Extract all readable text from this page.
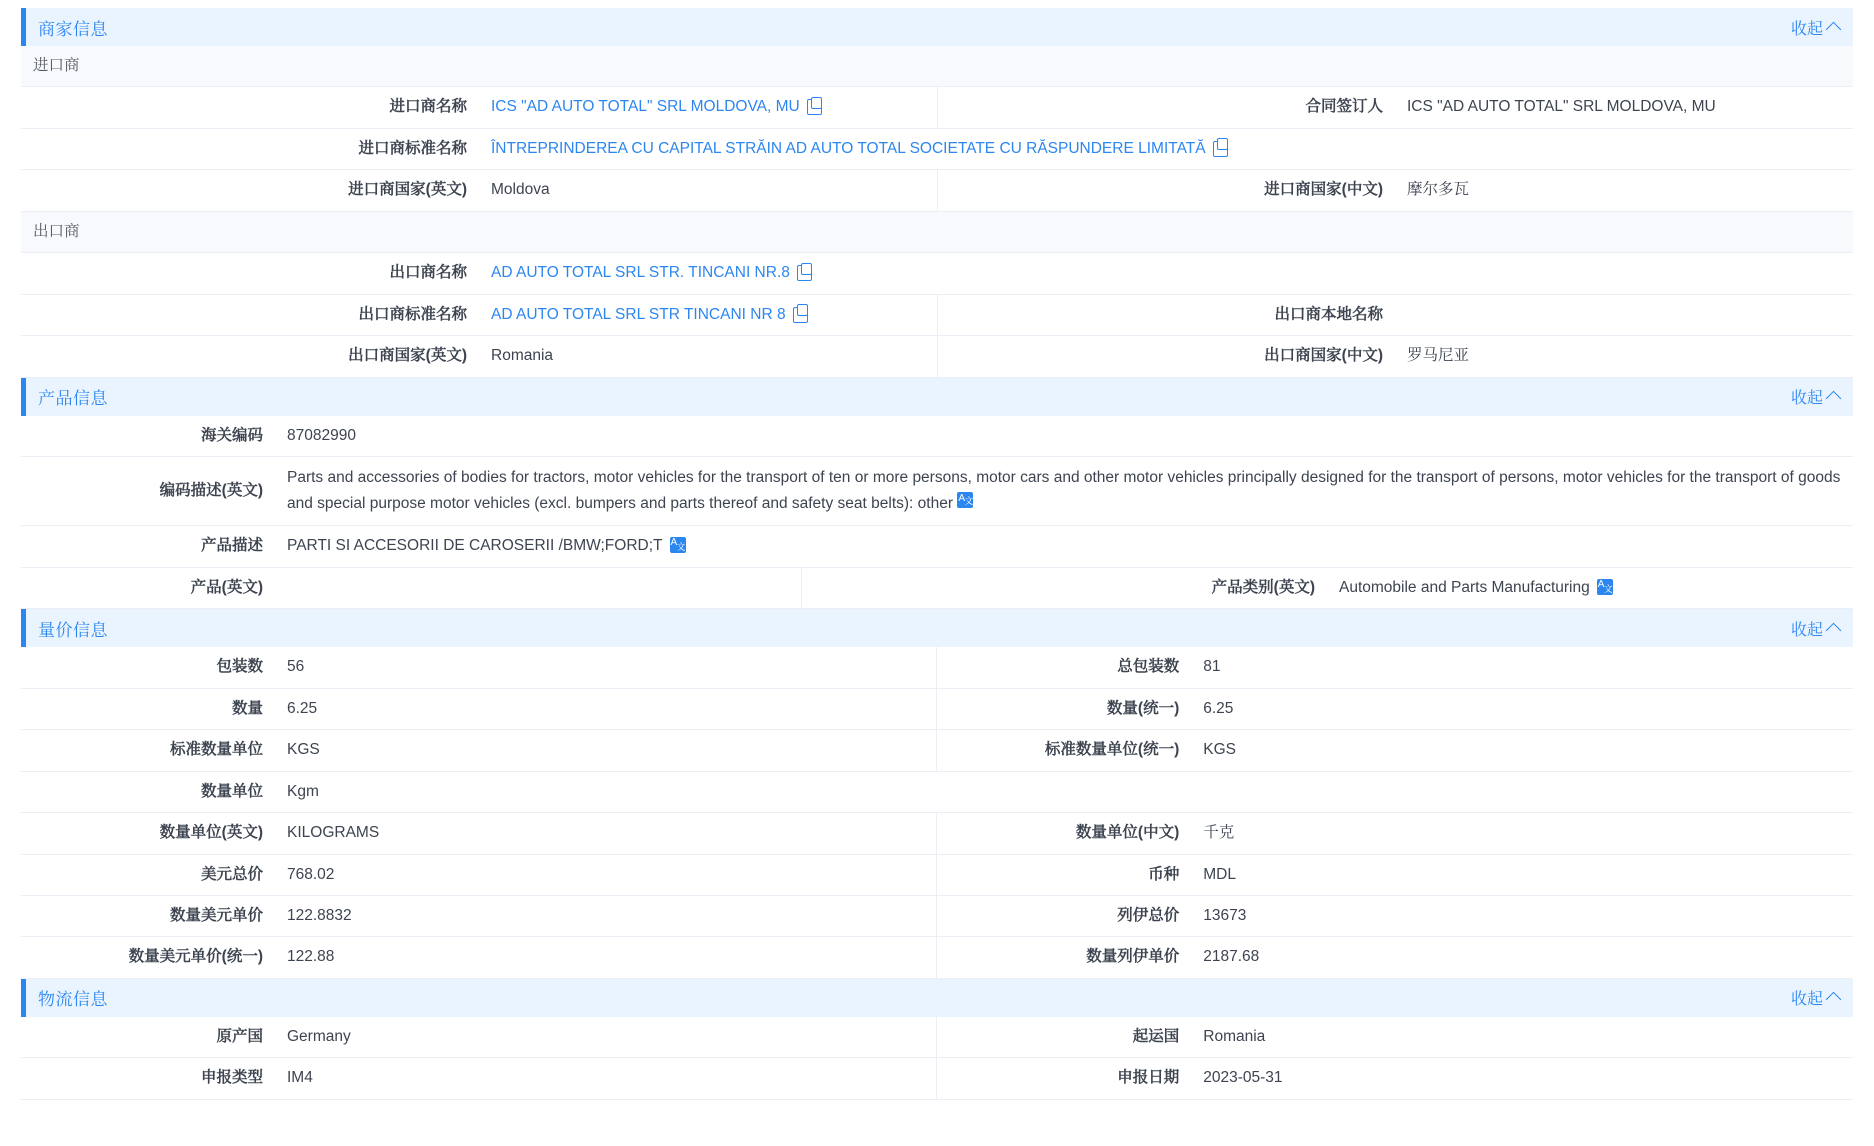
商家信息	收起
进口商			
进口商名称	ICS "AD AUTO TOTAL" SRL MOLDOVA, MU	合同签订人	ICS "AD AUTO TOTAL" SRL MOLDOVA, MU
进口商标准名称	ÎNTREPRINDEREA CU CAPITAL STRĂIN AD AUTO TOTAL SOCIETATE CU RĂSPUNDERE LIMITATĂ		

进口商国家(英文)	Moldova	进口商国家(中文)	摩尔多瓦
出口商			
出口商名称	AD AUTO TOTAL SRL STR. TINCANI NR.8		

出口商标准名称	AD AUTO TOTAL SRL STR TINCANI NR 8	出口商本地名称	
出口商国家(英文)	Romania	出口商国家(中文)	罗马尼亚
产品信息	收起
海关编码	87082990		
编码描述(英文)	Parts and accessories of bodies for tractors, motor vehicles for the transport of ten or more persons, motor cars and other motor vehicles principally designed for the transport of persons, motor vehicles for the transport of goods and special purpose motor vehicles (excl. bumpers and parts thereof and safety seat belts): other A 文
产品描述	PARTI SI ACCESORII DE CAROSERII /BMW;FORD;T
A 文

产品(英文)		产品类别(英文)	Automobile and Parts Manufacturing
A 文
量价信息	收起
包装数	56	总包装数	81
数量	6.25	数量(统一)	6.25
标准数量单位	KGS	标准数量单位(统一)	KGS
数量单位	Kgm		
数量单位(英文)	KILOGRAMS	数量单位(中文)	千克
美元总价	768.02	币种	MDL
数量美元单价	122.8832	列伊总价	13673
数量美元单价(统一)	122.88	数量列伊单价	2187.68
物流信息	收起
原产国	Germany	起运国	Romania
申报类型	IM4	申报日期	2023-05-31
